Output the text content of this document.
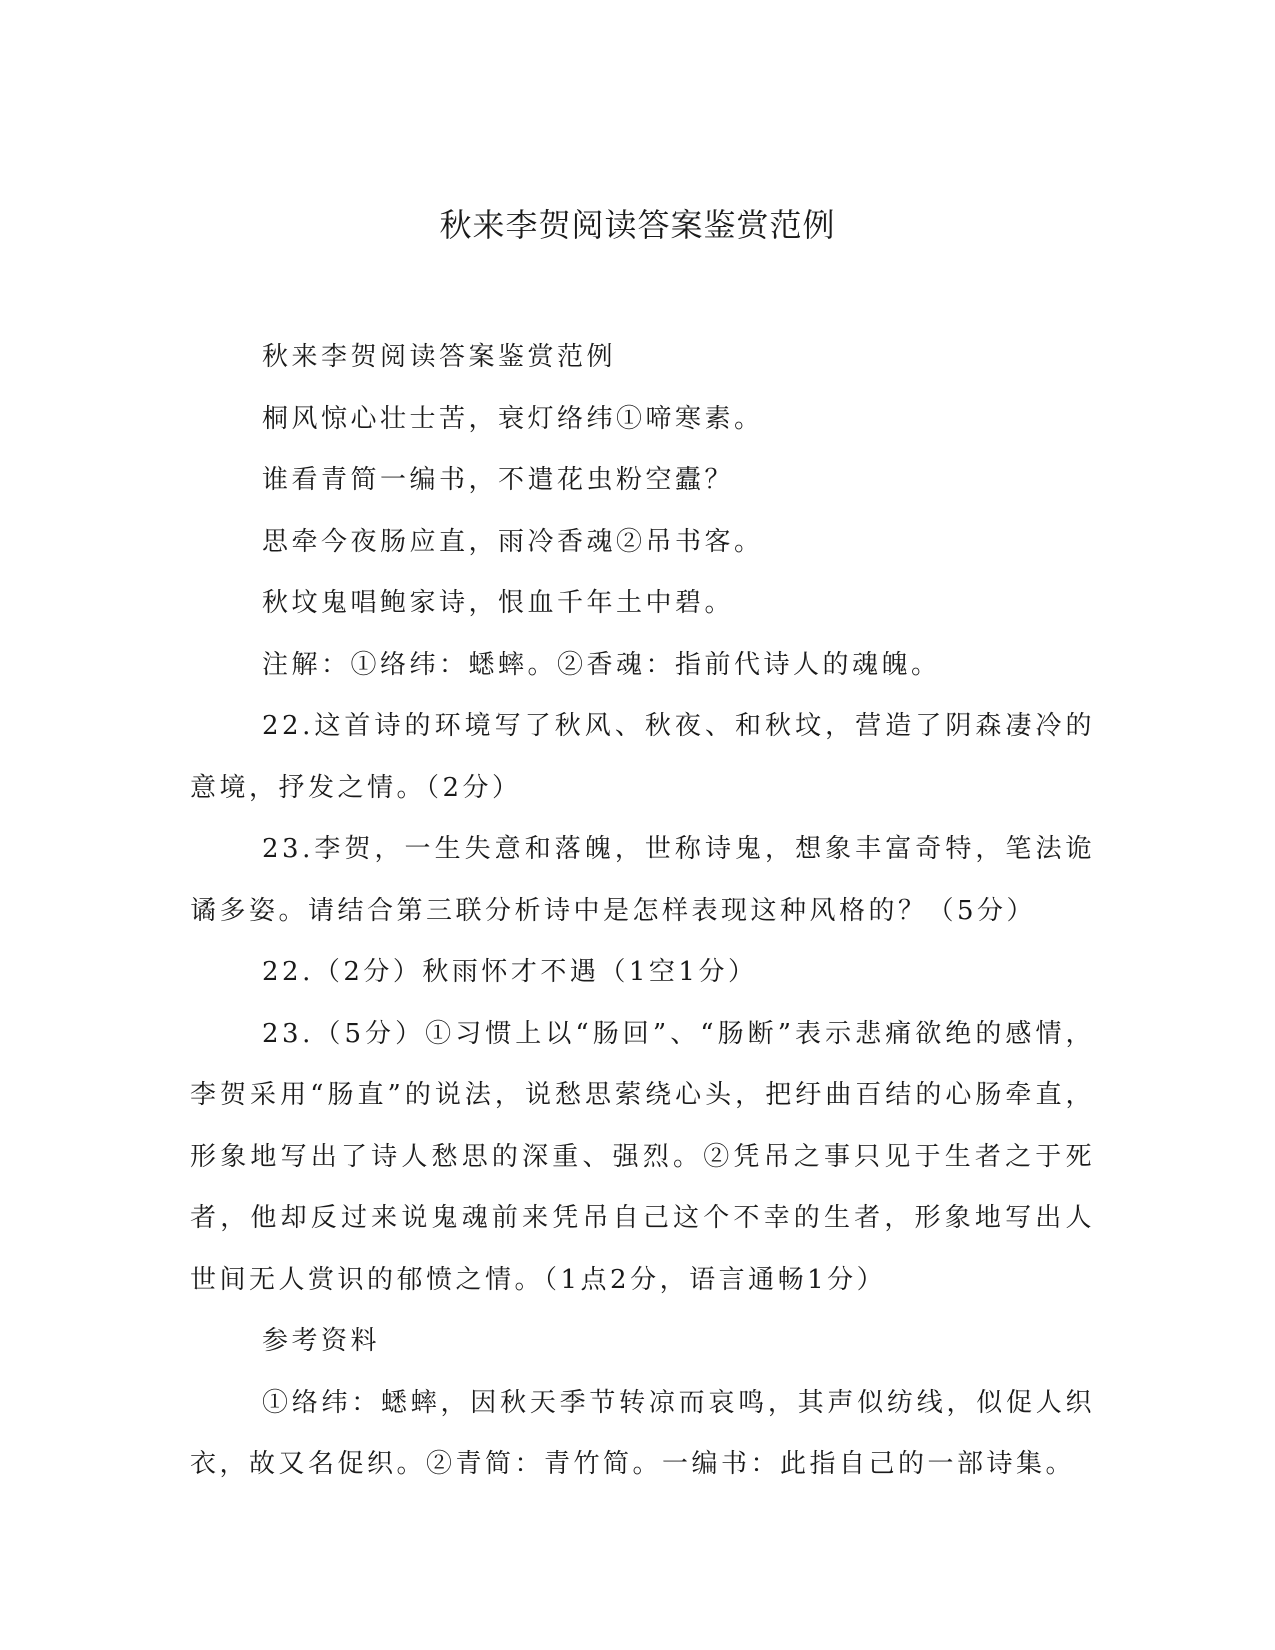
秋来李贺阅读答案鉴赏范例

秋来李贺阅读答案鉴赏范例

桐风惊心壮士苦，衰灯络纬①啼寒素。

谁看青简一编书，不遣花虫粉空蠹？

思牵今夜肠应直，雨冷香魂②吊书客。

秋坟鬼唱鲍家诗，恨血千年土中碧。

注解：①络纬：蟋蟀。②香魂：指前代诗人的魂魄。

22.这首诗的环境写了秋风、秋夜、和秋坟，营造了阴森凄冷的意境，抒发之情。（2分）

23.李贺，一生失意和落魄，世称诗鬼，想象丰富奇特，笔法诡谲多姿。请结合第三联分析诗中是怎样表现这种风格的？（5分）

22.（2分）秋雨怀才不遇（1空1分）

23.（5分）①习惯上以“肠回”、“肠断”表示悲痛欲绝的感情，李贺采用“肠直”的说法，说愁思萦绕心头，把纡曲百结的心肠牵直，形象地写出了诗人愁思的深重、强烈。②凭吊之事只见于生者之于死者，他却反过来说鬼魂前来凭吊自己这个不幸的生者，形象地写出人世间无人赏识的郁愤之情。（1点2分，语言通畅1分）

参考资料

①络纬：蟋蟀，因秋天季节转凉而哀鸣，其声似纺线，似促人织衣，故又名促织。②青简：青竹简。一编书：此指自己的一部诗集。
